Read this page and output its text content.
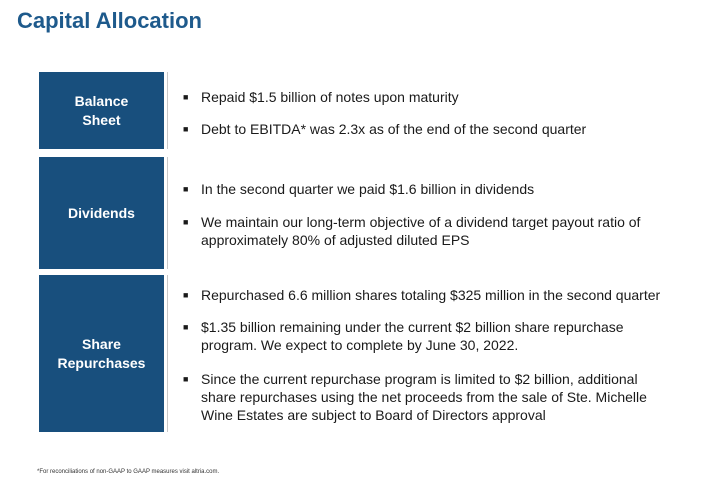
Capital Allocation
Balance
Sheet
■ Repaid $1.5 billion of notes upon maturity
■ Debt to EBITDA* was 2.3x as of the end of the second quarter
Dividends
■ In the second quarter we paid $1.6 billion in dividends
■ We maintain our long-term objective of a dividend target payout ratio of
approximately 80% of adjusted diluted EPS
Share
Repurchases
■ Repurchased 6.6 million shares totaling $325 million in the second quarter
■ $1.35 billion remaining under the current $2 billion share repurchase
program. We expect to complete by June 30, 2022.
■ Since the current repurchase program is limited to $2 billion, additional
share repurchases using the net proceeds from the sale of Ste. Michelle
Wine Estates are subject to Board of Directors approval
*For reconciliations of non-GAAP to GAAP measures visit altria.com.
